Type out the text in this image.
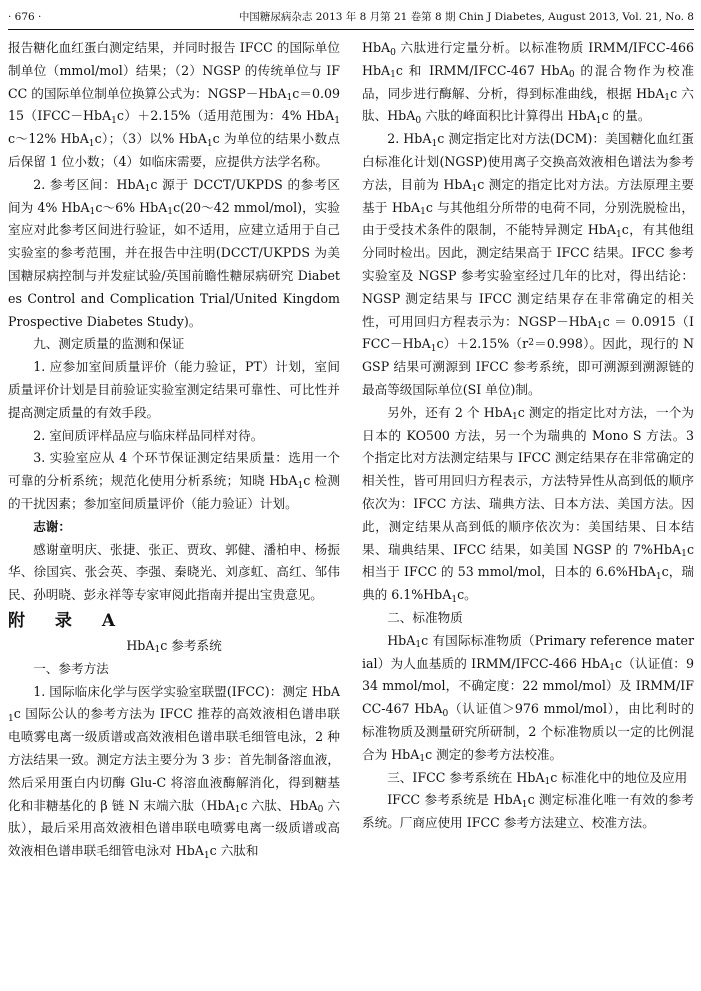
· 676 ·	中国糖尿病杂志 2013 年 8 月第 21 卷第 8 期 Chin J Diabetes, August 2013, Vol. 21, No. 8

报告糖化血红蛋白测定结果，并同时报告 IFCC 的国际单位制单位（mmol/mol）结果；（2）NGSP 的传统单位与 IFCC 的国际单位制单位换算公式为：NGSP－HbA$_1$c＝0.0915（IFCC－HbA$_1$c）＋2.15%（适用范围为：4% HbA$_1$c～12% HbA$_1$c）；（3）以% HbA$_1$c 为单位的结果小数点后保留 1 位小数；（4）如临床需要，应提供方法学名称。

2. 参考区间：HbA$_1$c 源于 DCCT/UKPDS 的参考区间为 4% HbA$_1$c～6% HbA$_1$c(20～42 mmol/mol)，实验室应对此参考区间进行验证，如不适用，应建立适用于自己实验室的参考范围，并在报告中注明(DCCT/UKPDS 为美国糖尿病控制与并发症试验/英国前瞻性糖尿病研究 Diabetes Control and Complication Trial/United Kingdom Prospective Diabetes Study)。

九、测定质量的监测和保证

1. 应参加室间质量评价（能力验证，PT）计划，室间质量评价计划是目前验证实验室测定结果可靠性、可比性并提高测定质量的有效手段。

2. 室间质评样品应与临床样品同样对待。

3. 实验室应从 4 个环节保证测定结果质量：选用一个可靠的分析系统；规范化使用分析系统；知晓 HbA$_1$c 检测的干扰因素；参加室间质量评价（能力验证）计划。

志谢：

感谢童明庆、张捷、张正、贾玫、郭健、潘柏申、杨振华、徐国宾、张会英、李强、秦晓光、刘彦虹、高红、邹伟民、孙明晓、彭永祥等专家审阅此指南并提出宝贵意见。

附 录 A

HbA$_1$c 参考系统

一、参考方法

1. 国际临床化学与医学实验室联盟(IFCC)：测定 HbA$_1$c 国际公认的参考方法为 IFCC 推荐的高效液相色谱串联电喷雾电离一级质谱或高效液相色谱串联毛细管电泳，2 种方法结果一致。测定方法主要分为 3 步：首先制备溶血液，然后采用蛋白内切酶 Glu-C 将溶血液酶解消化，得到糖基化和非糖基化的 β 链 N 末端六肽（HbA$_1$c 六肽、HbA$_0$ 六肽），最后采用高效液相色谱串联电喷雾电离一级质谱或高效液相色谱串联毛细管电泳对 HbA$_1$c 六肽和

HbA$_0$ 六肽进行定量分析。以标准物质 IRMM/IFCC-466 HbA$_1$c 和 IRMM/IFCC-467 HbA$_0$ 的混合物作为校准品，同步进行酶解、分析，得到标准曲线，根据 HbA$_1$c 六肽、HbA$_0$ 六肽的峰面积比计算得出 HbA$_1$c 的量。

2. HbA$_1$c 测定指定比对方法(DCM)：美国糖化血红蛋白标准化计划(NGSP)使用离子交换高效液相色谱法为参考方法，目前为 HbA$_1$c 测定的指定比对方法。方法原理主要基于 HbA$_1$c 与其他组分所带的电荷不同，分别洗脱检出，由于受技术条件的限制，不能特异测定 HbA$_1$c，有其他组分同时检出。因此，测定结果高于 IFCC 结果。IFCC 参考实验室及 NGSP 参考实验室经过几年的比对，得出结论：NGSP 测定结果与 IFCC 测定结果存在非常确定的相关性，可用回归方程表示为：NGSP－HbA$_1$c ＝ $0.0915(IFCC-HbA_1c)+2.15\%(r^2=0.998)$。因此，现行的 NGSP 结果可溯源到 IFCC 参考系统，即可溯源到溯源链的最高等级国际单位(SI 单位)制。

另外，还有 2 个 HbA$_1$c 测定的指定比对方法，一个为日本的 KO500 方法，另一个为瑞典的 Mono S 方法。3 个指定比对方法测定结果与 IFCC 测定结果存在非常确定的相关性，皆可用回归方程表示，方法特异性从高到低的顺序依次为：IFCC 方法、瑞典方法、日本方法、美国方法。因此，测定结果从高到低的顺序依次为：美国结果、日本结果、瑞典结果、IFCC 结果，如美国 NGSP 的 7%HbA$_1$c 相当于 IFCC 的 53 mmol/mol，日本的 6.6%HbA$_1$c，瑞典的 6.1%HbA$_1$c。

二、标准物质

HbA$_1$c 有国际标准物质（Primary reference material）为人血基质的 IRMM/IFCC-466 HbA$_1$c（认证值：934 mmol/mol，不确定度：22 mmol/mol）及 IRMM/IFCC-467 HbA$_0$（认证值＞976 mmol/mol），由比利时的标准物质及测量研究所研制，2 个标准物质以一定的比例混合为 HbA$_1$c 测定的参考方法校准。

三、IFCC 参考系统在 HbA$_1$c 标准化中的地位及应用

IFCC 参考系统是 HbA$_1$c 测定标准化唯一有效的参考系统。厂商应使用 IFCC 参考方法建立、校准方法。
